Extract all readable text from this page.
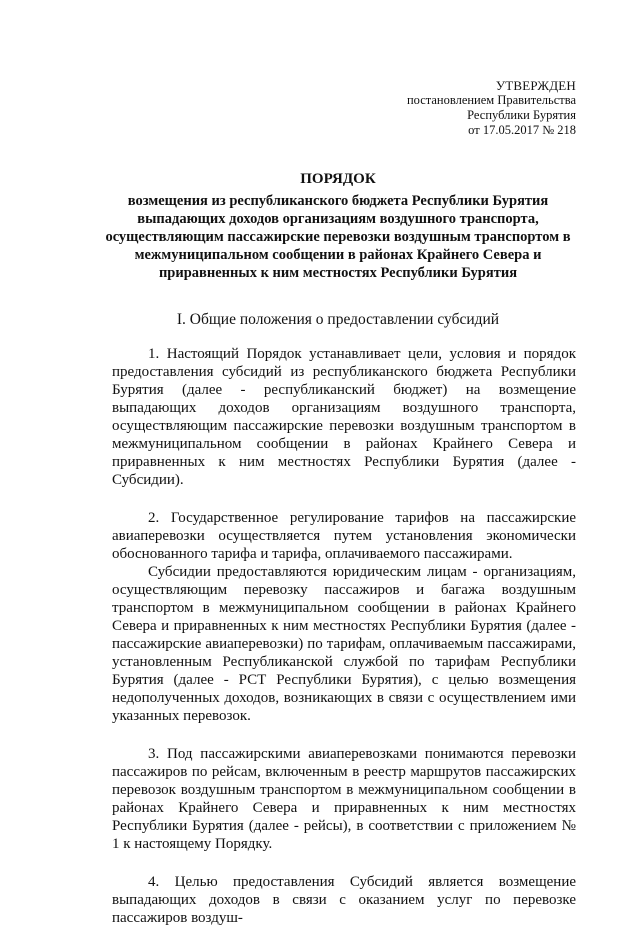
УТВЕРЖДЕН
постановлением Правительства
Республики Бурятия
от 17.05.2017 № 218
ПОРЯДОК
возмещения из республиканского бюджета Республики Бурятия выпадающих доходов организациям воздушного транспорта, осуществляющим пассажирские перевозки воздушным транспортом в межмуниципальном сообщении в районах Крайнего Севера и приравненных к ним местностях Республики Бурятия
I. Общие положения о предоставлении субсидий

1. Настоящий Порядок устанавливает цели, условия и порядок предоставления субсидий из республиканского бюджета Республики Бурятия (далее - республиканский бюджет) на возмещение выпадающих доходов организациям воздушного транспорта, осуществляющим пассажирские перевозки воздушным транспортом в межмуниципальном сообщении в районах Крайнего Севера и приравненных к ним местностях Республики Бурятия (далее - Субсидии).

2. Государственное регулирование тарифов на пассажирские авиаперевозки осуществляется путем установления экономически обоснованного тарифа и тарифа, оплачиваемого пассажирами.

Субсидии предоставляются юридическим лицам - организациям, осуществляющим перевозку пассажиров и багажа воздушным транспортом в межмуниципальном сообщении в районах Крайнего Севера и приравненных к ним местностях Республики Бурятия (далее - пассажирские авиаперевозки) по тарифам, оплачиваемым пассажирами, установленным Республиканской службой по тарифам Республики Бурятия (далее - РСТ Республики Бурятия), с целью возмещения недополученных доходов, возникающих в связи с осуществлением ими указанных перевозок.

3. Под пассажирскими авиаперевозками понимаются перевозки пассажиров по рейсам, включенным в реестр маршрутов пассажирских перевозок воздушным транспортом в межмуниципальном сообщении в районах Крайнего Севера и приравненных к ним местностях Республики Бурятия (далее - рейсы), в соответствии с приложением № 1 к настоящему Порядку.

4. Целью предоставления Субсидий является возмещение выпадающих доходов в связи с оказанием услуг по перевозке пассажиров воздуш-
